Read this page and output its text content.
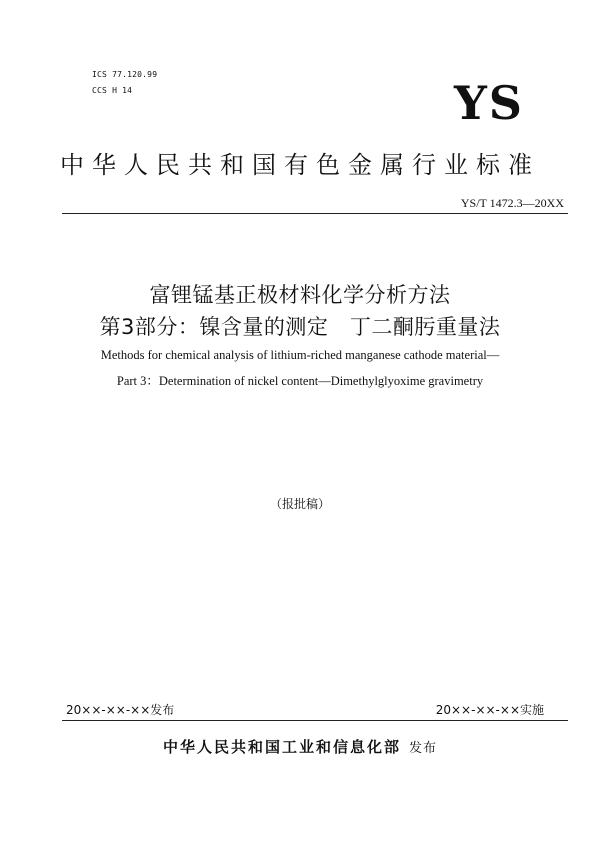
ICS 77.120.99
CCS H 14	YS
中华人民共和国有色金属行业标准
YS/T 1472.3—20XX
富锂锰基正极材料化学分析方法
第3部分：镍含量的测定　丁二酮肟重量法
Methods for chemical analysis of lithium-riched manganese cathode material—
Part 3：Determination of nickel content—Dimethylglyoxime gravimetry
（报批稿）
20××-××-××发布	20××-××-××实施
中华人民共和国工业和信息化部 发布
